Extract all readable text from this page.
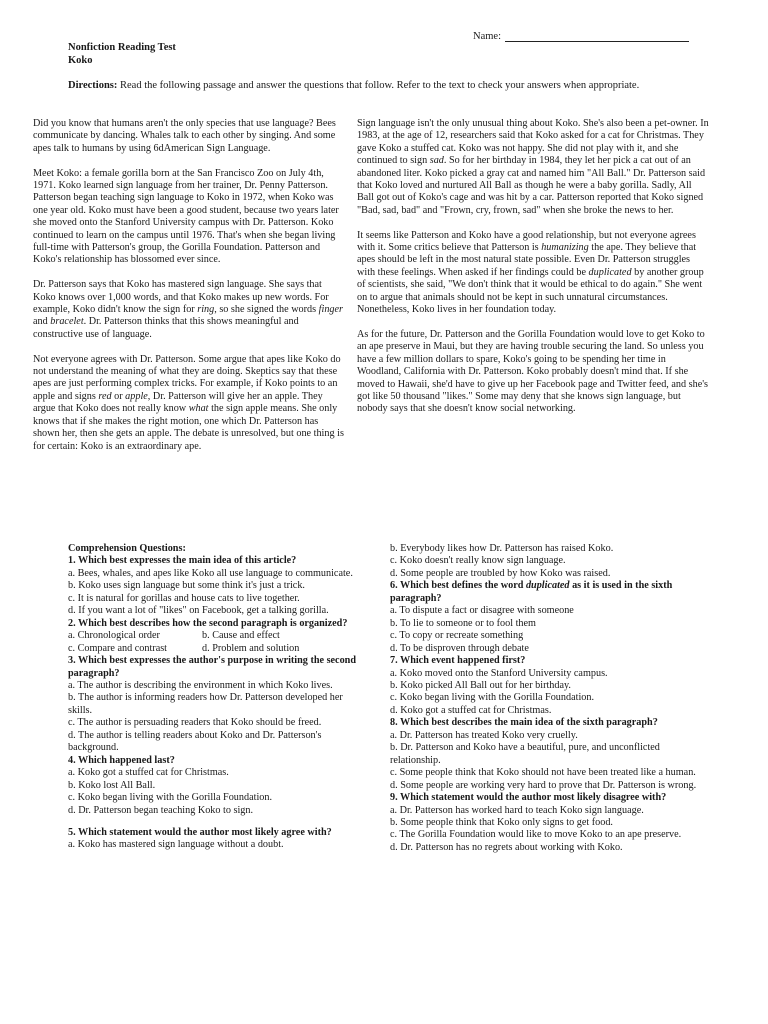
Name:
Nonfiction Reading Test
Koko
Directions: Read the following passage and answer the questions that follow. Refer to the text to check your answers when appropriate.

Did you know that humans aren't the only species that use language? Bees communicate by dancing. Whales talk to each other by singing. And some apes talk to humans by using 6dAmerican Sign Language.

Meet Koko: a female gorilla born at the San Francisco Zoo on July 4th, 1971. Koko learned sign language from her trainer, Dr. Penny Patterson. Patterson began teaching sign language to Koko in 1972, when Koko was one year old. Koko must have been a good student, because two years later she moved onto the Stanford University campus with Dr. Patterson. Koko continued to learn on the campus until 1976. That's when she began living full-time with Patterson's group, the Gorilla Foundation. Patterson and Koko's relationship has blossomed ever since.

Dr. Patterson says that Koko has mastered sign language. She says that Koko knows over 1,000 words, and that Koko makes up new words. For example, Koko didn't know the sign for ring, so she signed the words finger and bracelet. Dr. Patterson thinks that this shows meaningful and constructive use of language.

Not everyone agrees with Dr. Patterson. Some argue that apes like Koko do not understand the meaning of what they are doing. Skeptics say that these apes are just performing complex tricks. For example, if Koko points to an apple and signs red or apple, Dr. Patterson will give her an apple. They argue that Koko does not really know what the sign apple means. She only knows that if she makes the right motion, one which Dr. Patterson has shown her, then she gets an apple. The debate is unresolved, but one thing is for certain: Koko is an extraordinary ape.

Sign language isn't the only unusual thing about Koko. She's also been a pet-owner. In 1983, at the age of 12, researchers said that Koko asked for a cat for Christmas. They gave Koko a stuffed cat. Koko was not happy. She did not play with it, and she continued to sign sad. So for her birthday in 1984, they let her pick a cat out of an abandoned liter. Koko picked a gray cat and named him "All Ball." Dr. Patterson said that Koko loved and nurtured All Ball as though he were a baby gorilla. Sadly, All Ball got out of Koko's cage and was hit by a car. Patterson reported that Koko signed "Bad, sad, bad" and "Frown, cry, frown, sad" when she broke the news to her.

It seems like Patterson and Koko have a good relationship, but not everyone agrees with it. Some critics believe that Patterson is humanizing the ape. They believe that apes should be left in the most natural state possible. Even Dr. Patterson struggles with these feelings. When asked if her findings could be duplicated by another group of scientists, she said, "We don't think that it would be ethical to do again." She went on to argue that animals should not be kept in such unnatural circumstances. Nonetheless, Koko lives in her foundation today.

As for the future, Dr. Patterson and the Gorilla Foundation would love to get Koko to an ape preserve in Maui, but they are having trouble securing the land. So unless you have a few million dollars to spare, Koko's going to be spending her time in Woodland, California with Dr. Patterson. Koko probably doesn't mind that. If she moved to Hawaii, she'd have to give up her Facebook page and Twitter feed, and she's got like 50 thousand "likes." Some may deny that she knows sign language, but nobody says that she doesn't know social networking.

Comprehension Questions:
1. Which best expresses the main idea of this article?
a. Bees, whales, and apes like Koko all use language to communicate.
b. Koko uses sign language but some think it's just a trick.
c. It is natural for gorillas and house cats to live together.
d. If you want a lot of "likes" on Facebook, get a talking gorilla.
2. Which best describes how the second paragraph is organized?
a. Chronological order	b. Cause and effect
c. Compare and contrast	d. Problem and solution
3. Which best expresses the author's purpose in writing the second paragraph?
a. The author is describing the environment in which Koko lives.
b. The author is informing readers how Dr. Patterson developed her skills.
c. The author is persuading readers that Koko should be freed.
d. The author is telling readers about Koko and Dr. Patterson's background.
4. Which happened last?
a. Koko got a stuffed cat for Christmas.
b. Koko lost All Ball.
c. Koko began living with the Gorilla Foundation.
d. Dr. Patterson began teaching Koko to sign.
5. Which statement would the author most likely agree with?
a. Koko has mastered sign language without a doubt.
b. Everybody likes how Dr. Patterson has raised Koko.
c. Koko doesn't really know sign language.
d. Some people are troubled by how Koko was raised.
6. Which best defines the word duplicated as it is used in the sixth paragraph?
a. To dispute a fact or disagree with someone
b. To lie to someone or to fool them
c. To copy or recreate something
d. To be disproven through debate
7. Which event happened first?
a. Koko moved onto the Stanford University campus.
b. Koko picked All Ball out for her birthday.
c. Koko began living with the Gorilla Foundation.
d. Koko got a stuffed cat for Christmas.
8. Which best describes the main idea of the sixth paragraph?
a. Dr. Patterson has treated Koko very cruelly.
b. Dr. Patterson and Koko have a beautiful, pure, and unconflicted relationship.
c. Some people think that Koko should not have been treated like a human.
d. Some people are working very hard to prove that Dr. Patterson is wrong.
9. Which statement would the author most likely disagree with?
a. Dr. Patterson has worked hard to teach Koko sign language.
b. Some people think that Koko only signs to get food.
c. The Gorilla Foundation would like to move Koko to an ape preserve.
d. Dr. Patterson has no regrets about working with Koko.
